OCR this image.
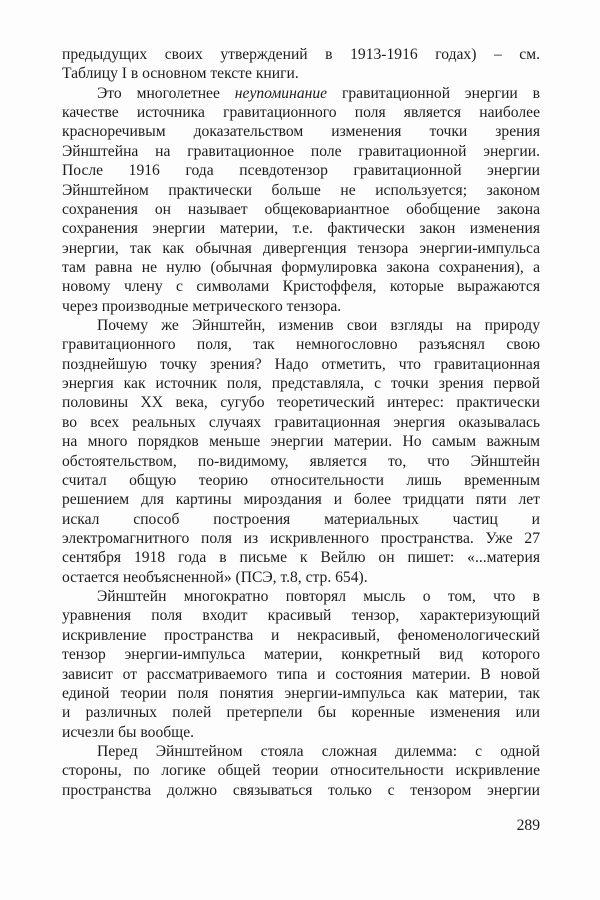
предыдущих своих утверждений в 1913-1916 годах) – см.
Таблицу I в основном тексте книги.
Это многолетнее неупоминание гравитационной энергии в
качестве источника гравитационного поля является наиболее
красноречивым доказательством изменения точки зрения
Эйнштейна на гравитационное поле гравитационной энергии.
После 1916 года псевдотензор гравитационной энергии
Эйнштейном практически больше не используется; законом
сохранения он называет общековариантное обобщение закона
сохранения энергии материи, т.е. фактически закон изменения
энергии, так как обычная дивергенция тензора энергии-импульса
там равна не нулю (обычная формулировка закона сохранения), а
новому члену с символами Кристоффеля, которые выражаются
через производные метрического тензора.
Почему же Эйнштейн, изменив свои взгляды на природу
гравитационного поля, так немногословно разъяснял свою
позднейшую точку зрения? Надо отметить, что гравитационная
энергия как источник поля, представляла, с точки зрения первой
половины XX века, сугубо теоретический интерес: практически
во всех реальных случаях гравитационная энергия оказывалась
на много порядков меньше энергии материи. Но самым важным
обстоятельством, по-видимому, является то, что Эйнштейн
считал общую теорию относительности лишь временным
решением для картины мироздания и более тридцати пяти лет
искал способ построения материальных частиц и
электромагнитного поля из искривленного пространства. Уже 27
сентября 1918 года в письме к Вейлю он пишет: «...материя
остается необъясненной» (ПСЭ, т.8, стр. 654).
Эйнштейн многократно повторял мысль о том, что в
уравнения поля входит красивый тензор, характеризующий
искривление пространства и некрасивый, феноменологический
тензор энергии-импульса материи, конкретный вид которого
зависит от рассматриваемого типа и состояния материи. В новой
единой теории поля понятия энергии-импульса как материи, так
и различных полей претерпели бы коренные изменения или
исчезли бы вообще.
Перед Эйнштейном стояла сложная дилемма: с одной
стороны, по логике общей теории относительности искривление
пространства должно связываться только с тензором энергии
289
